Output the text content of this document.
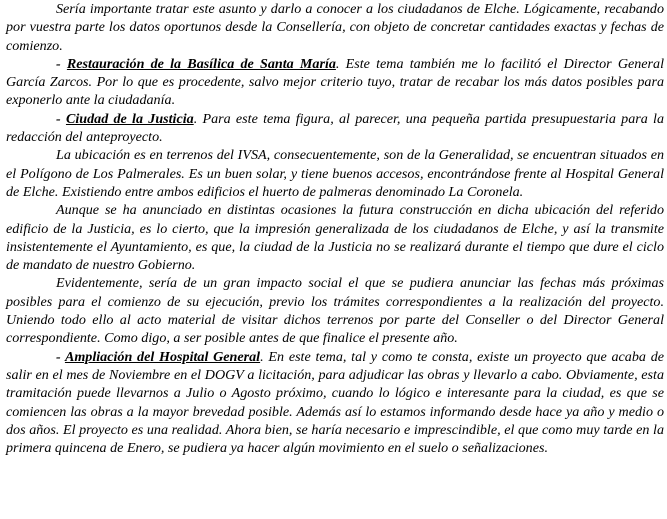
Sería importante tratar este asunto y darlo a conocer a los ciudadanos de Elche. Lógicamente, recabando por vuestra parte los datos oportunos desde la Consellería, con objeto de concretar cantidades exactas y fechas de comienzo.

- Restauración de la Basílica de Santa María. Este tema también me lo facilitó el Director General García Zarcos. Por lo que es procedente, salvo mejor criterio tuyo, tratar de recabar los más datos posibles para exponerlo ante la ciudadanía.

- Ciudad de la Justicia. Para este tema figura, al parecer, una pequeña partida presupuestaria para la redacción del anteproyecto.

La ubicación es en terrenos del IVSA, consecuentemente, son de la Generalidad, se encuentran situados en el Polígono de Los Palmerales. Es un buen solar, y tiene buenos accesos, encontrándose frente al Hospital General de Elche. Existiendo entre ambos edificios el huerto de palmeras denominado La Coronela.

Aunque se ha anunciado en distintas ocasiones la futura construcción en dicha ubicación del referido edificio de la Justicia, es lo cierto, que la impresión generalizada de los ciudadanos de Elche, y así la transmite insistentemente el Ayuntamiento, es que, la ciudad de la Justicia no se realizará durante el tiempo que dure el ciclo de mandato de nuestro Gobierno.

Evidentemente, sería de un gran impacto social el que se pudiera anunciar las fechas más próximas posibles para el comienzo de su ejecución, previo los trámites correspondientes a la realización del proyecto. Uniendo todo ello al acto material de visitar dichos terrenos por parte del Conseller o del Director General correspondiente. Como digo, a ser posible antes de que finalice el presente año.

- Ampliación del Hospital General. En este tema, tal y como te consta, existe un proyecto que acaba de salir en el mes de Noviembre en el DOGV a licitación, para adjudicar las obras y llevarlo a cabo. Obviamente, esta tramitación puede llevarnos a Julio o Agosto próximo, cuando lo lógico e interesante para la ciudad, es que se comiencen las obras a la mayor brevedad posible. Además así lo estamos informando desde hace ya año y medio o dos años. El proyecto es una realidad. Ahora bien, se haría necesario e imprescindible, el que como muy tarde en la primera quincena de Enero, se pudiera ya hacer algún movimiento en el suelo o señalizaciones.
